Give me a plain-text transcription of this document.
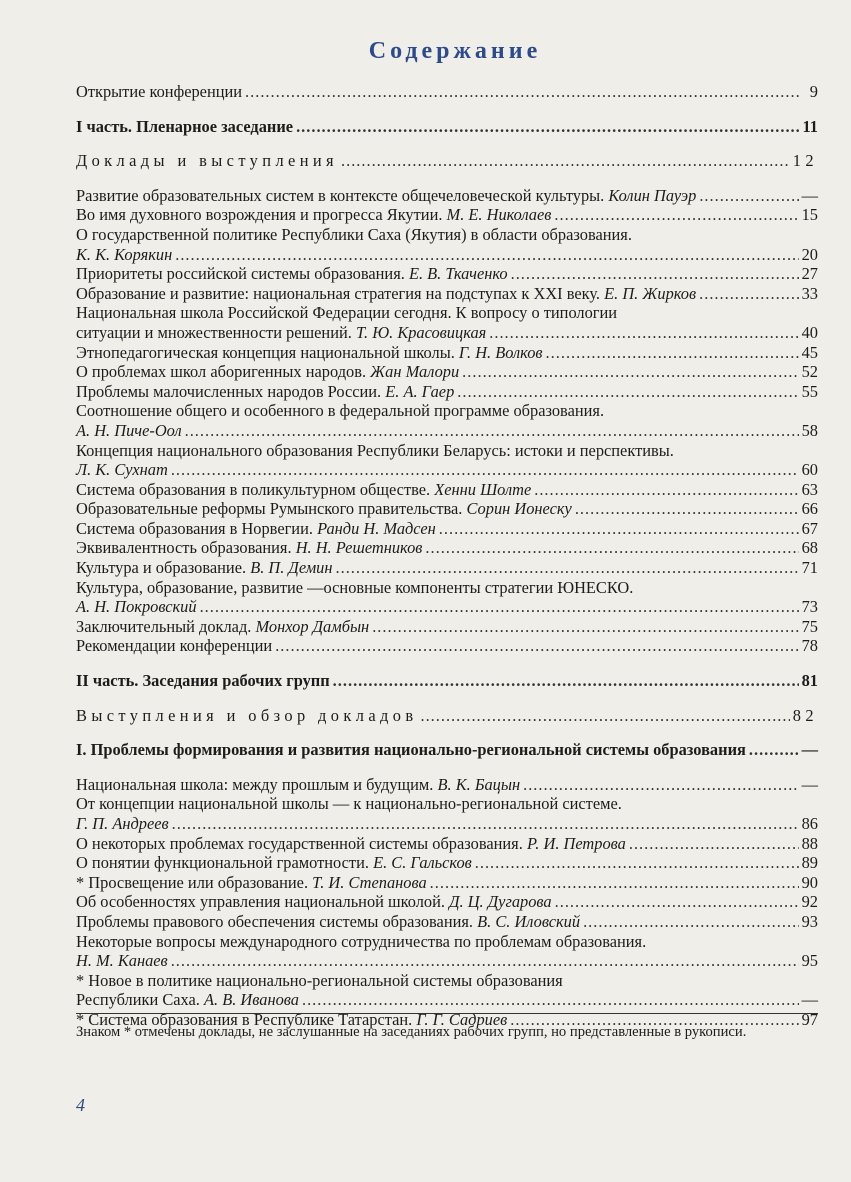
Содержание
Открытие конференции .....	9
I часть. Пленарное заседание .....	11
Доклады и выступления .....	12
Развитие образовательных систем в контексте общечеловеческой культуры. Колин Пауэр .....	—
Во имя духовного возрождения и прогресса Якутии. М. Е. Николаев .....	15
О государственной политике Республики Саха (Якутия) в области образования.
К. К. Корякин .....	20
Приоритеты российской системы образования. Е. В. Ткаченко .....	27
Образование и развитие: национальная стратегия на подступах к XXI веку. Е. П. Жирков .....	33
Национальная школа Российской Федерации сегодня. К вопросу о типологии
ситуации и множественности решений. Т. Ю. Красовицкая .....	40
Этнопедагогическая концепция национальной школы. Г. Н. Волков .....	45
О проблемах школ аборигенных народов. Жан Малори .....	52
Проблемы малочисленных народов России. Е. А. Гаер .....	55
Соотношение общего и особенного в федеральной программе образования.
А. Н. Пиче-Оол .....	58
Концепция национального образования Республики Беларусь: истоки и перспективы.
Л. К. Сухнат .....	60
Система образования в поликультурном обществе. Хенни Шолте .....	63
Образовательные реформы Румынского правительства. Сорин Ионеску .....	66
Система образования в Норвегии. Ранди Н. Мадсен .....	67
Эквивалентность образования. Н. Н. Решетников .....	68
Культура и образование. В. П. Демин .....	71
Культура, образование, развитие —основные компоненты стратегии ЮНЕСКО.
А. Н. Покровский .....	73
Заключительный доклад. Монхор Дамбын .....	75
Рекомендации конференции .....	78
II часть. Заседания рабочих групп .....	81
Выступления и обзор докладов .....	82
I. Проблемы формирования и развития национально-региональной системы образования .....	—
Национальная школа: между прошлым и будущим. В. К. Бацын .....	—
От концепции национальной школы — к национально-региональной системе.
Г. П. Андреев .....	86
О некоторых проблемах государственной системы образования. Р. И. Петрова .....	88
О понятии функциональной грамотности. Е. С. Гальсков .....	89
* Просвещение или образование. Т. И. Степанова .....	90
Об особенностях управления национальной школой. Д. Ц. Дугарова .....	92
Проблемы правового обеспечения системы образования. В. С. Иловский .....	93
Некоторые вопросы международного сотрудничества по проблемам образования.
Н. М. Канаев .....	95
* Новое в политике национально-региональной системы образования
Республики Саха. А. В. Иванова .....	—
* Система образования в Республике Татарстан. Г. Г. Садриев .....	97
Знаком * отмечены доклады, не заслушанные на заседаниях рабочих групп, но представленные в рукописи.
4
